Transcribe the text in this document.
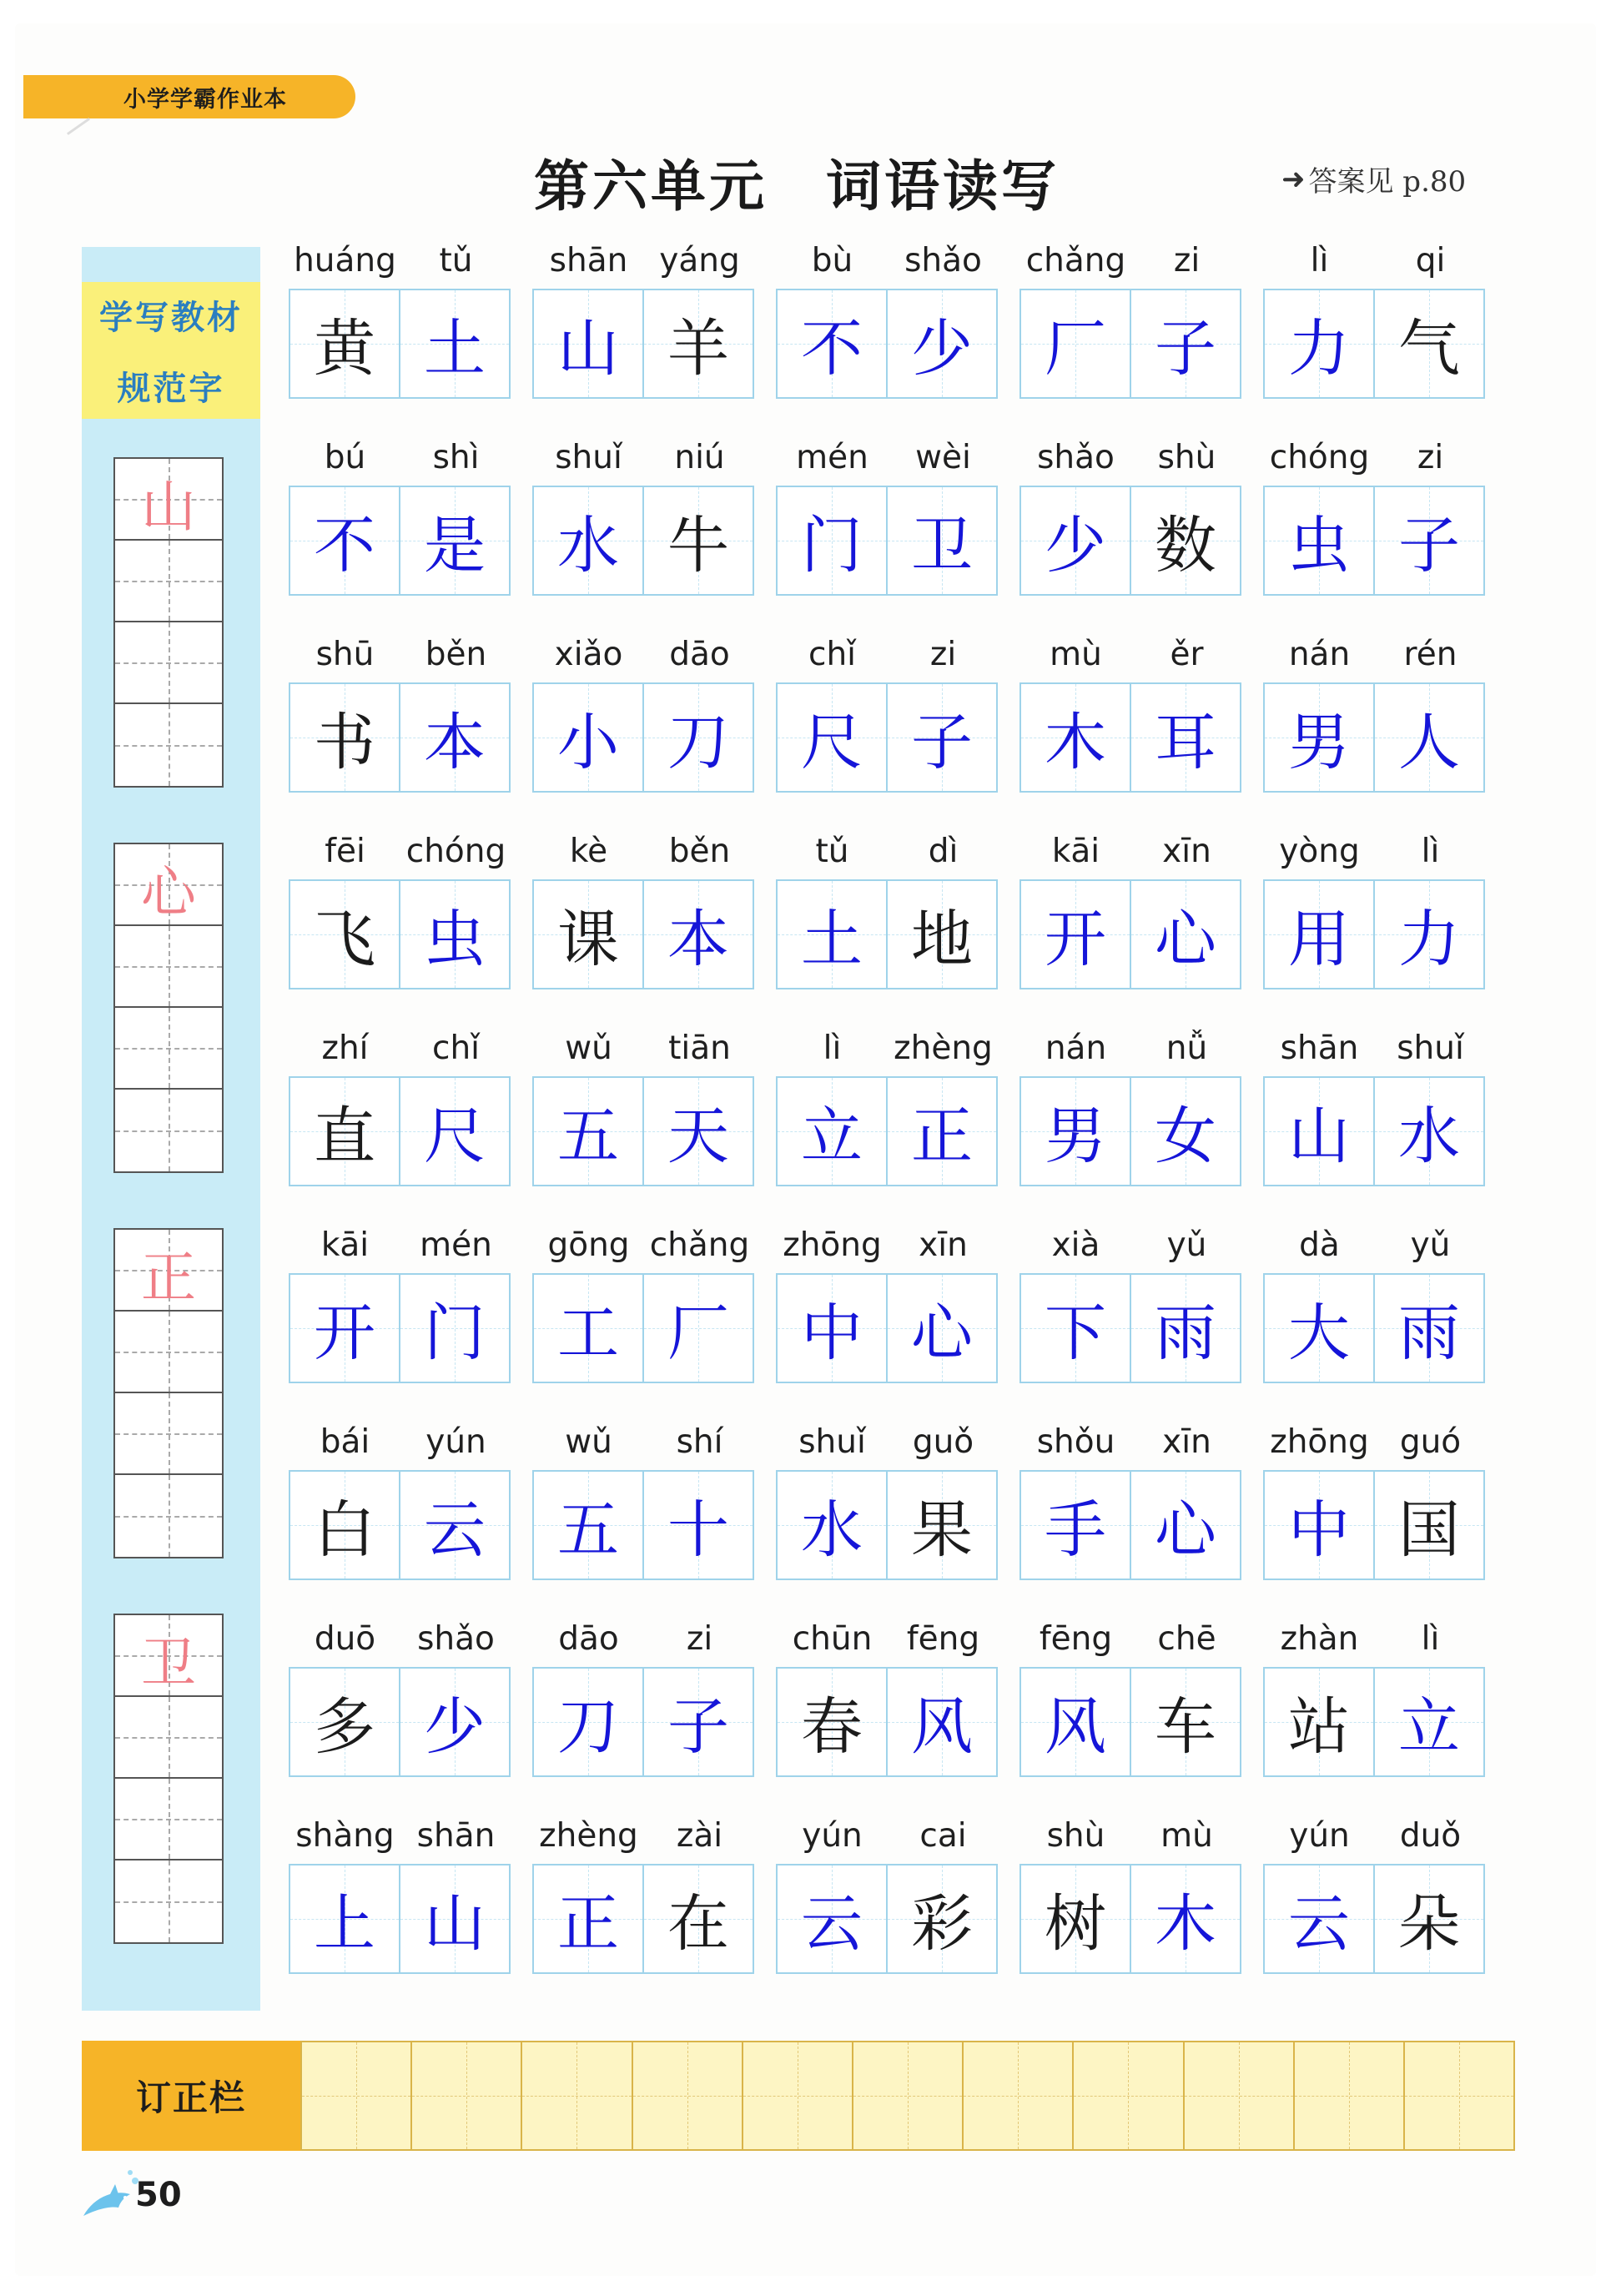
小学学霸作业本
第六单元　词语读写	➜ 答案见 p.80
学写教材
规范字
山
心
正
卫
huáng	tǔ
黄 土
shān yáng
山 羊
bù	shǎo
不 少
chǎng	zi
厂 子
lì	qi
力 气
bú	shì
不 是
shuǐ	niú
水 牛
mén	wèi
门 卫
shǎo	shù
少 数
chóng	zi
虫 子
shū	běn
书 本
xiǎo	dāo
小 刀
chǐ	zi
尺 子
mù	ěr
木 耳
nán	rén
男 人
fēi	chóng
飞 虫
kè	běn
课 本
tǔ	dì
土 地
kāi	xīn
开 心
yòng	lì
用 力
zhí	chǐ
直 尺
wǔ	tiān
五 天
lì	zhèng
立 正
nán	nǚ
男 女
shān	shuǐ
山 水
kāi	mén
开 门
gōng chǎng
工 厂
zhōng	xīn
中 心
xià	yǔ
下 雨
dà	yǔ
大 雨
bái	yún
白 云
wǔ	shí
五 十
shuǐ	guǒ
水 果
shǒu	xīn
手 心
zhōng guó
中 国
duō	shǎo
多 少
dāo	zi
刀 子
chūn	fēng
春 风
fēng	chē
风 车
zhàn	lì
站 立
shàng shān
上 山
zhèng	zài
正 在
yún	cai
云 彩
shù	mù
树 木
yún	duǒ
云 朵
订正栏
50
